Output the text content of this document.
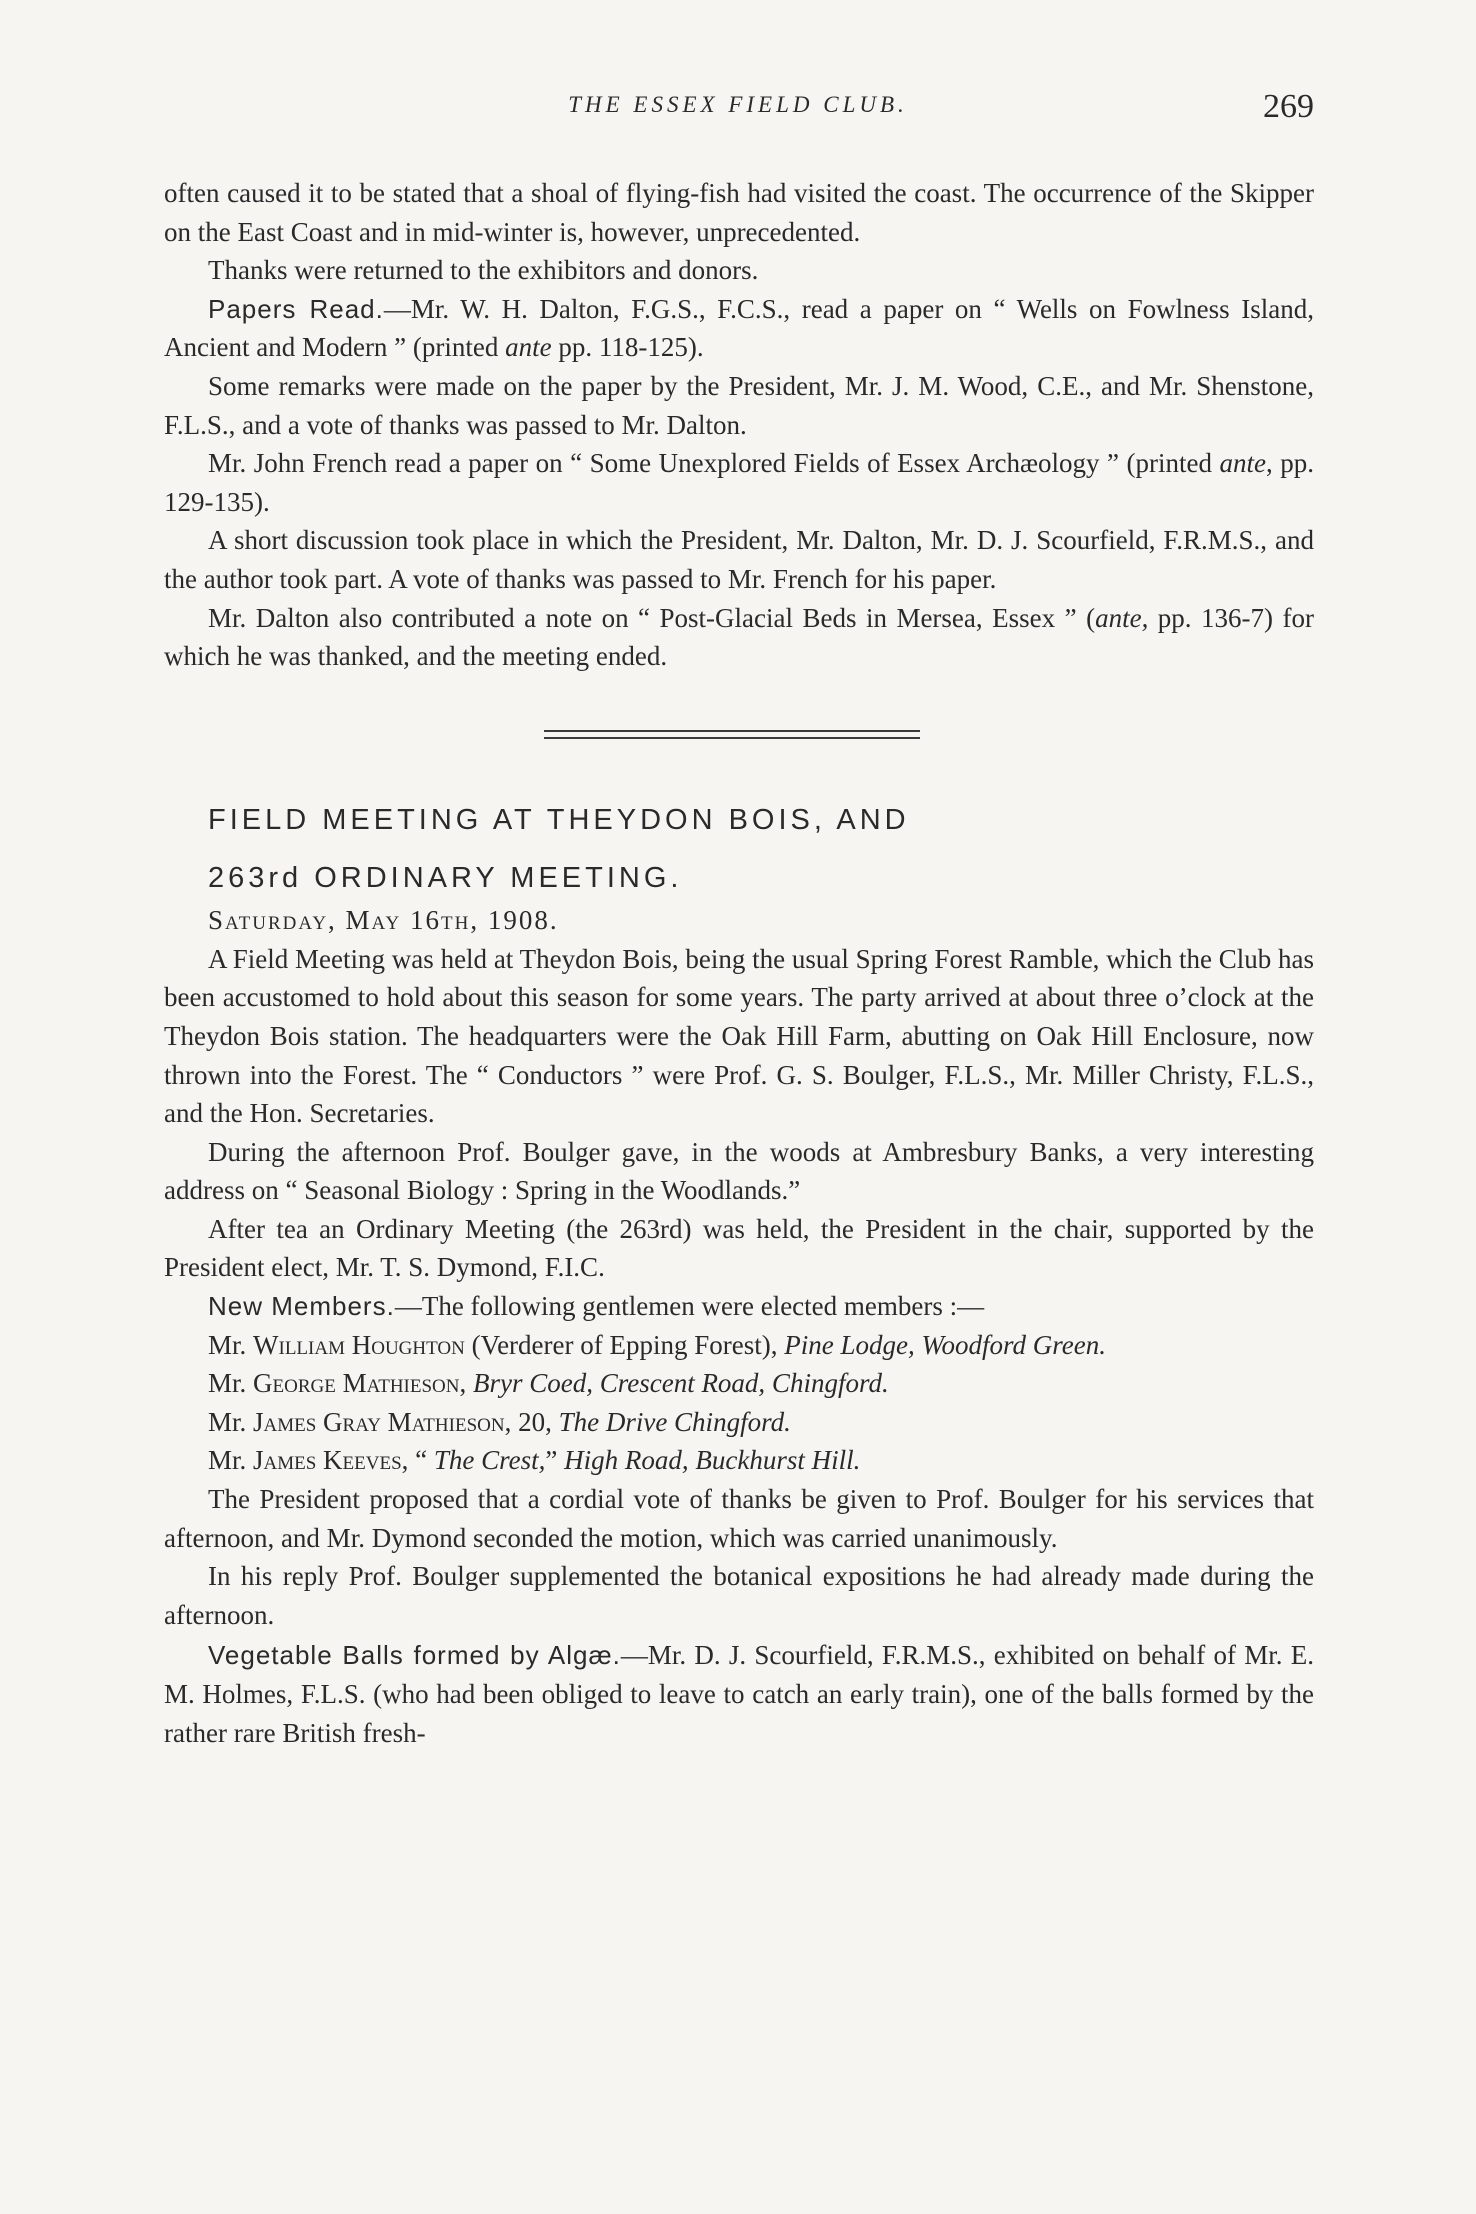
THE ESSEX FIELD CLUB.	269

often caused it to be stated that a shoal of flying-fish had visited the coast. The occurrence of the Skipper on the East Coast and in mid-winter is, however, unprecedented.

Thanks were returned to the exhibitors and donors.

Papers Read.—Mr. W. H. Dalton, F.G.S., F.C.S., read a paper on “ Wells on Fowlness Island, Ancient and Modern ” (printed ante pp. 118-125).

Some remarks were made on the paper by the President, Mr. J. M. Wood, C.E., and Mr. Shenstone, F.L.S., and a vote of thanks was passed to Mr. Dalton.

Mr. John French read a paper on “ Some Unexplored Fields of Essex Archæology ” (printed ante, pp. 129-135).

A short discussion took place in which the President, Mr. Dalton, Mr. D. J. Scourfield, F.R.M.S., and the author took part. A vote of thanks was passed to Mr. French for his paper.

Mr. Dalton also contributed a note on “ Post-Glacial Beds in Mersea, Essex ” (ante, pp. 136-7) for which he was thanked, and the meeting ended.

FIELD MEETING AT THEYDON BOIS, AND

263rd ORDINARY MEETING.

Saturday, May 16th, 1908.

A Field Meeting was held at Theydon Bois, being the usual Spring Forest Ramble, which the Club has been accustomed to hold about this season for some years. The party arrived at about three o’clock at the Theydon Bois station. The headquarters were the Oak Hill Farm, abutting on Oak Hill Enclosure, now thrown into the Forest. The “ Conductors ” were Prof. G. S. Boulger, F.L.S., Mr. Miller Christy, F.L.S., and the Hon. Secretaries.

During the afternoon Prof. Boulger gave, in the woods at Ambresbury Banks, a very interesting address on “ Seasonal Biology : Spring in the Woodlands.”

After tea an Ordinary Meeting (the 263rd) was held, the President in the chair, supported by the President elect, Mr. T. S. Dymond, F.I.C.

New Members.—The following gentlemen were elected members :—

Mr. William Houghton (Verderer of Epping Forest), Pine Lodge, Woodford Green.

Mr. George Mathieson, Bryr Coed, Crescent Road, Chingford.

Mr. James Gray Mathieson, 20, The Drive Chingford.

Mr. James Keeves, “ The Crest,” High Road, Buckhurst Hill.

The President proposed that a cordial vote of thanks be given to Prof. Boulger for his services that afternoon, and Mr. Dymond seconded the motion, which was carried unanimously.

In his reply Prof. Boulger supplemented the botanical expositions he had already made during the afternoon.

Vegetable Balls formed by Algæ.—Mr. D. J. Scourfield, F.R.M.S., exhibited on behalf of Mr. E. M. Holmes, F.L.S. (who had been obliged to leave to catch an early train), one of the balls formed by the rather rare British fresh-
